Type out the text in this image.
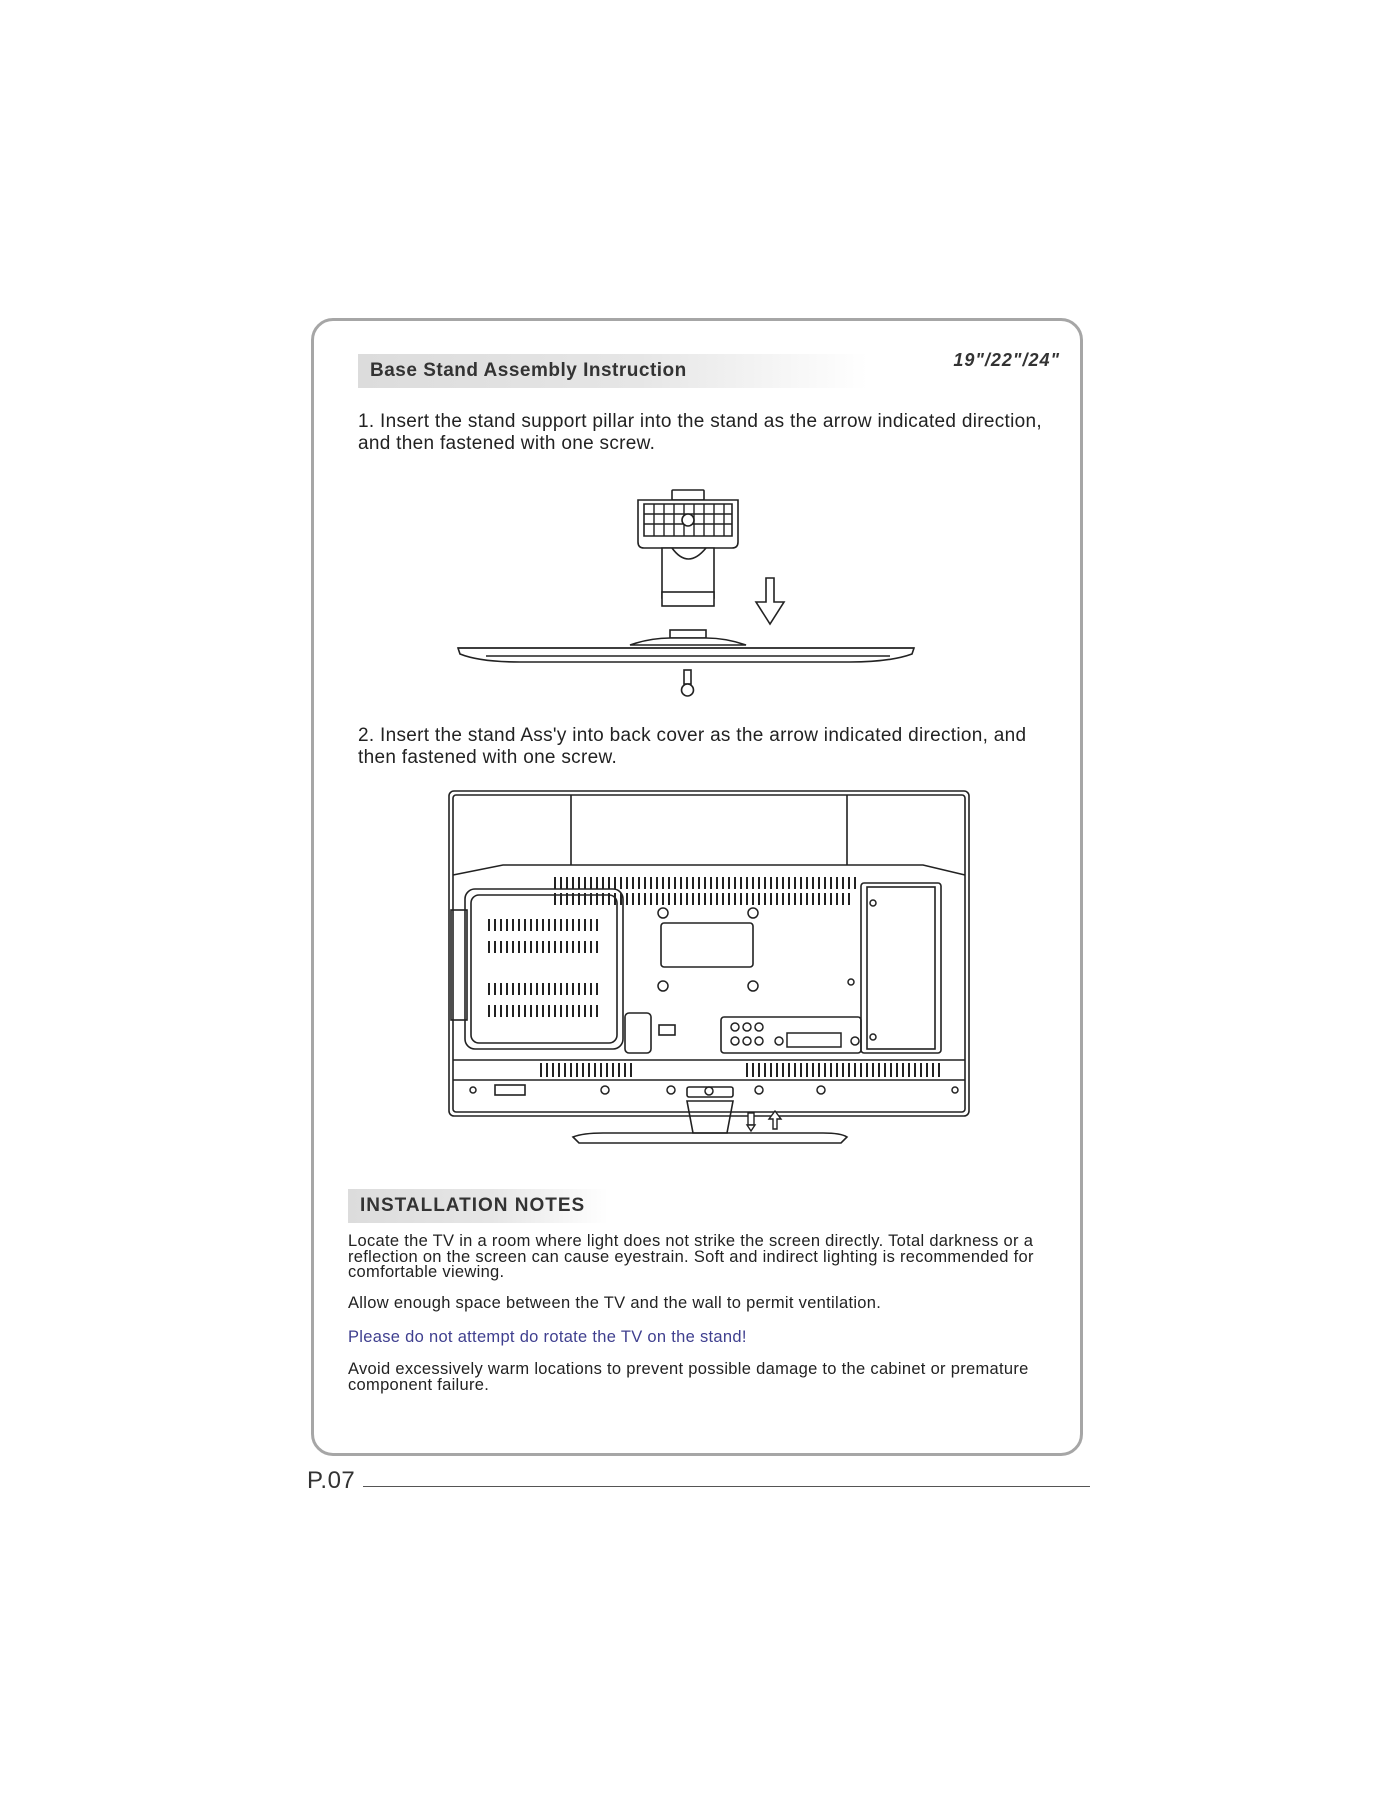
Base Stand Assembly Instruction	19"/22"/24"

1. Insert the stand support pillar into the stand as the arrow indicated direction, and then fastened with one screw.

2. Insert the stand Ass'y into back cover as the arrow indicated direction, and then fastened with one screw.

INSTALLATION NOTES

Locate the TV in a room where light does not strike the screen directly. Total darkness or a reflection on the screen can cause eyestrain. Soft and indirect lighting is recommended for comfortable viewing.

Allow enough space between the TV and the wall to permit ventilation.

Please do not attempt do rotate the TV on the stand!

Avoid excessively warm locations to prevent possible damage to the cabinet or premature component failure.

P.07
